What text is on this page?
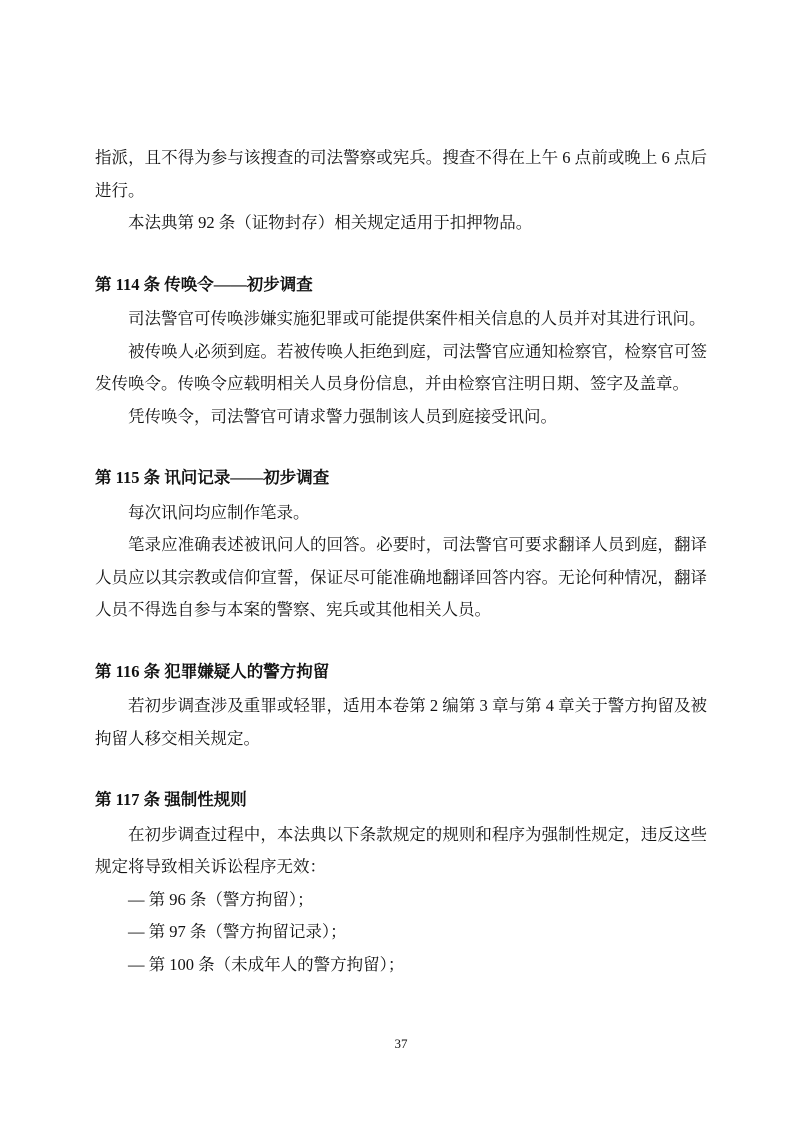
指派，且不得为参与该搜查的司法警察或宪兵。搜查不得在上午 6 点前或晚上 6 点后
进行。
本法典第 92 条（证物封存）相关规定适用于扣押物品。
第 114 条 传唤令——初步调查
司法警官可传唤涉嫌实施犯罪或可能提供案件相关信息的人员并对其进行讯问。
被传唤人必须到庭。若被传唤人拒绝到庭，司法警官应通知检察官，检察官可签
发传唤令。传唤令应载明相关人员身份信息，并由检察官注明日期、签字及盖章。
凭传唤令，司法警官可请求警力强制该人员到庭接受讯问。
第 115 条 讯问记录——初步调查
每次讯问均应制作笔录。
笔录应准确表述被讯问人的回答。必要时，司法警官可要求翻译人员到庭，翻译
人员应以其宗教或信仰宣誓，保证尽可能准确地翻译回答内容。无论何种情况，翻译
人员不得选自参与本案的警察、宪兵或其他相关人员。
第 116 条 犯罪嫌疑人的警方拘留
若初步调查涉及重罪或轻罪，适用本卷第 2 编第 3 章与第 4 章关于警方拘留及被
拘留人移交相关规定。
第 117 条 强制性规则
在初步调查过程中，本法典以下条款规定的规则和程序为强制性规定，违反这些
规定将导致相关诉讼程序无效：
— 第 96 条（警方拘留）；
— 第 97 条（警方拘留记录）；
— 第 100 条（未成年人的警方拘留）；
37
